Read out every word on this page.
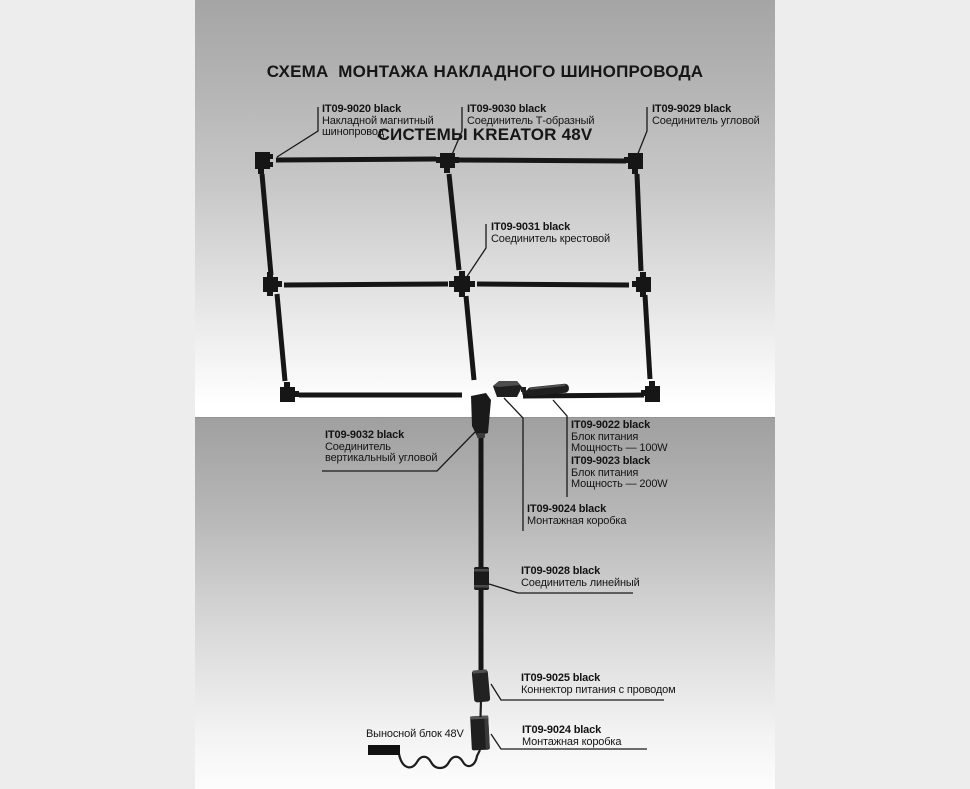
СХЕМА  МОНТАЖА НАКЛАДНОГО ШИНОПРОВОДА

СИСТЕМЫ KREATOR 48V

IT09-9020 black
Накладной магнитный
шинопровод
IT09-9030 black
Соединитель Т-образный
IT09-9029 black
Соединитель угловой
IT09-9031 black
Соединитель крестовой
IT09-9032 black
Соединитель
вертикальный угловой
IT09-9022 black
Блок питания
Мощность — 100W
IT09-9023 black
Блок питания
Мощность — 200W
IT09-9024 black
Монтажная коробка
IT09-9028 black
Соединитель линейный
IT09-9025 black
Коннектор питания с проводом
IT09-9024 black
Монтажная коробка
Выносной блок 48V
